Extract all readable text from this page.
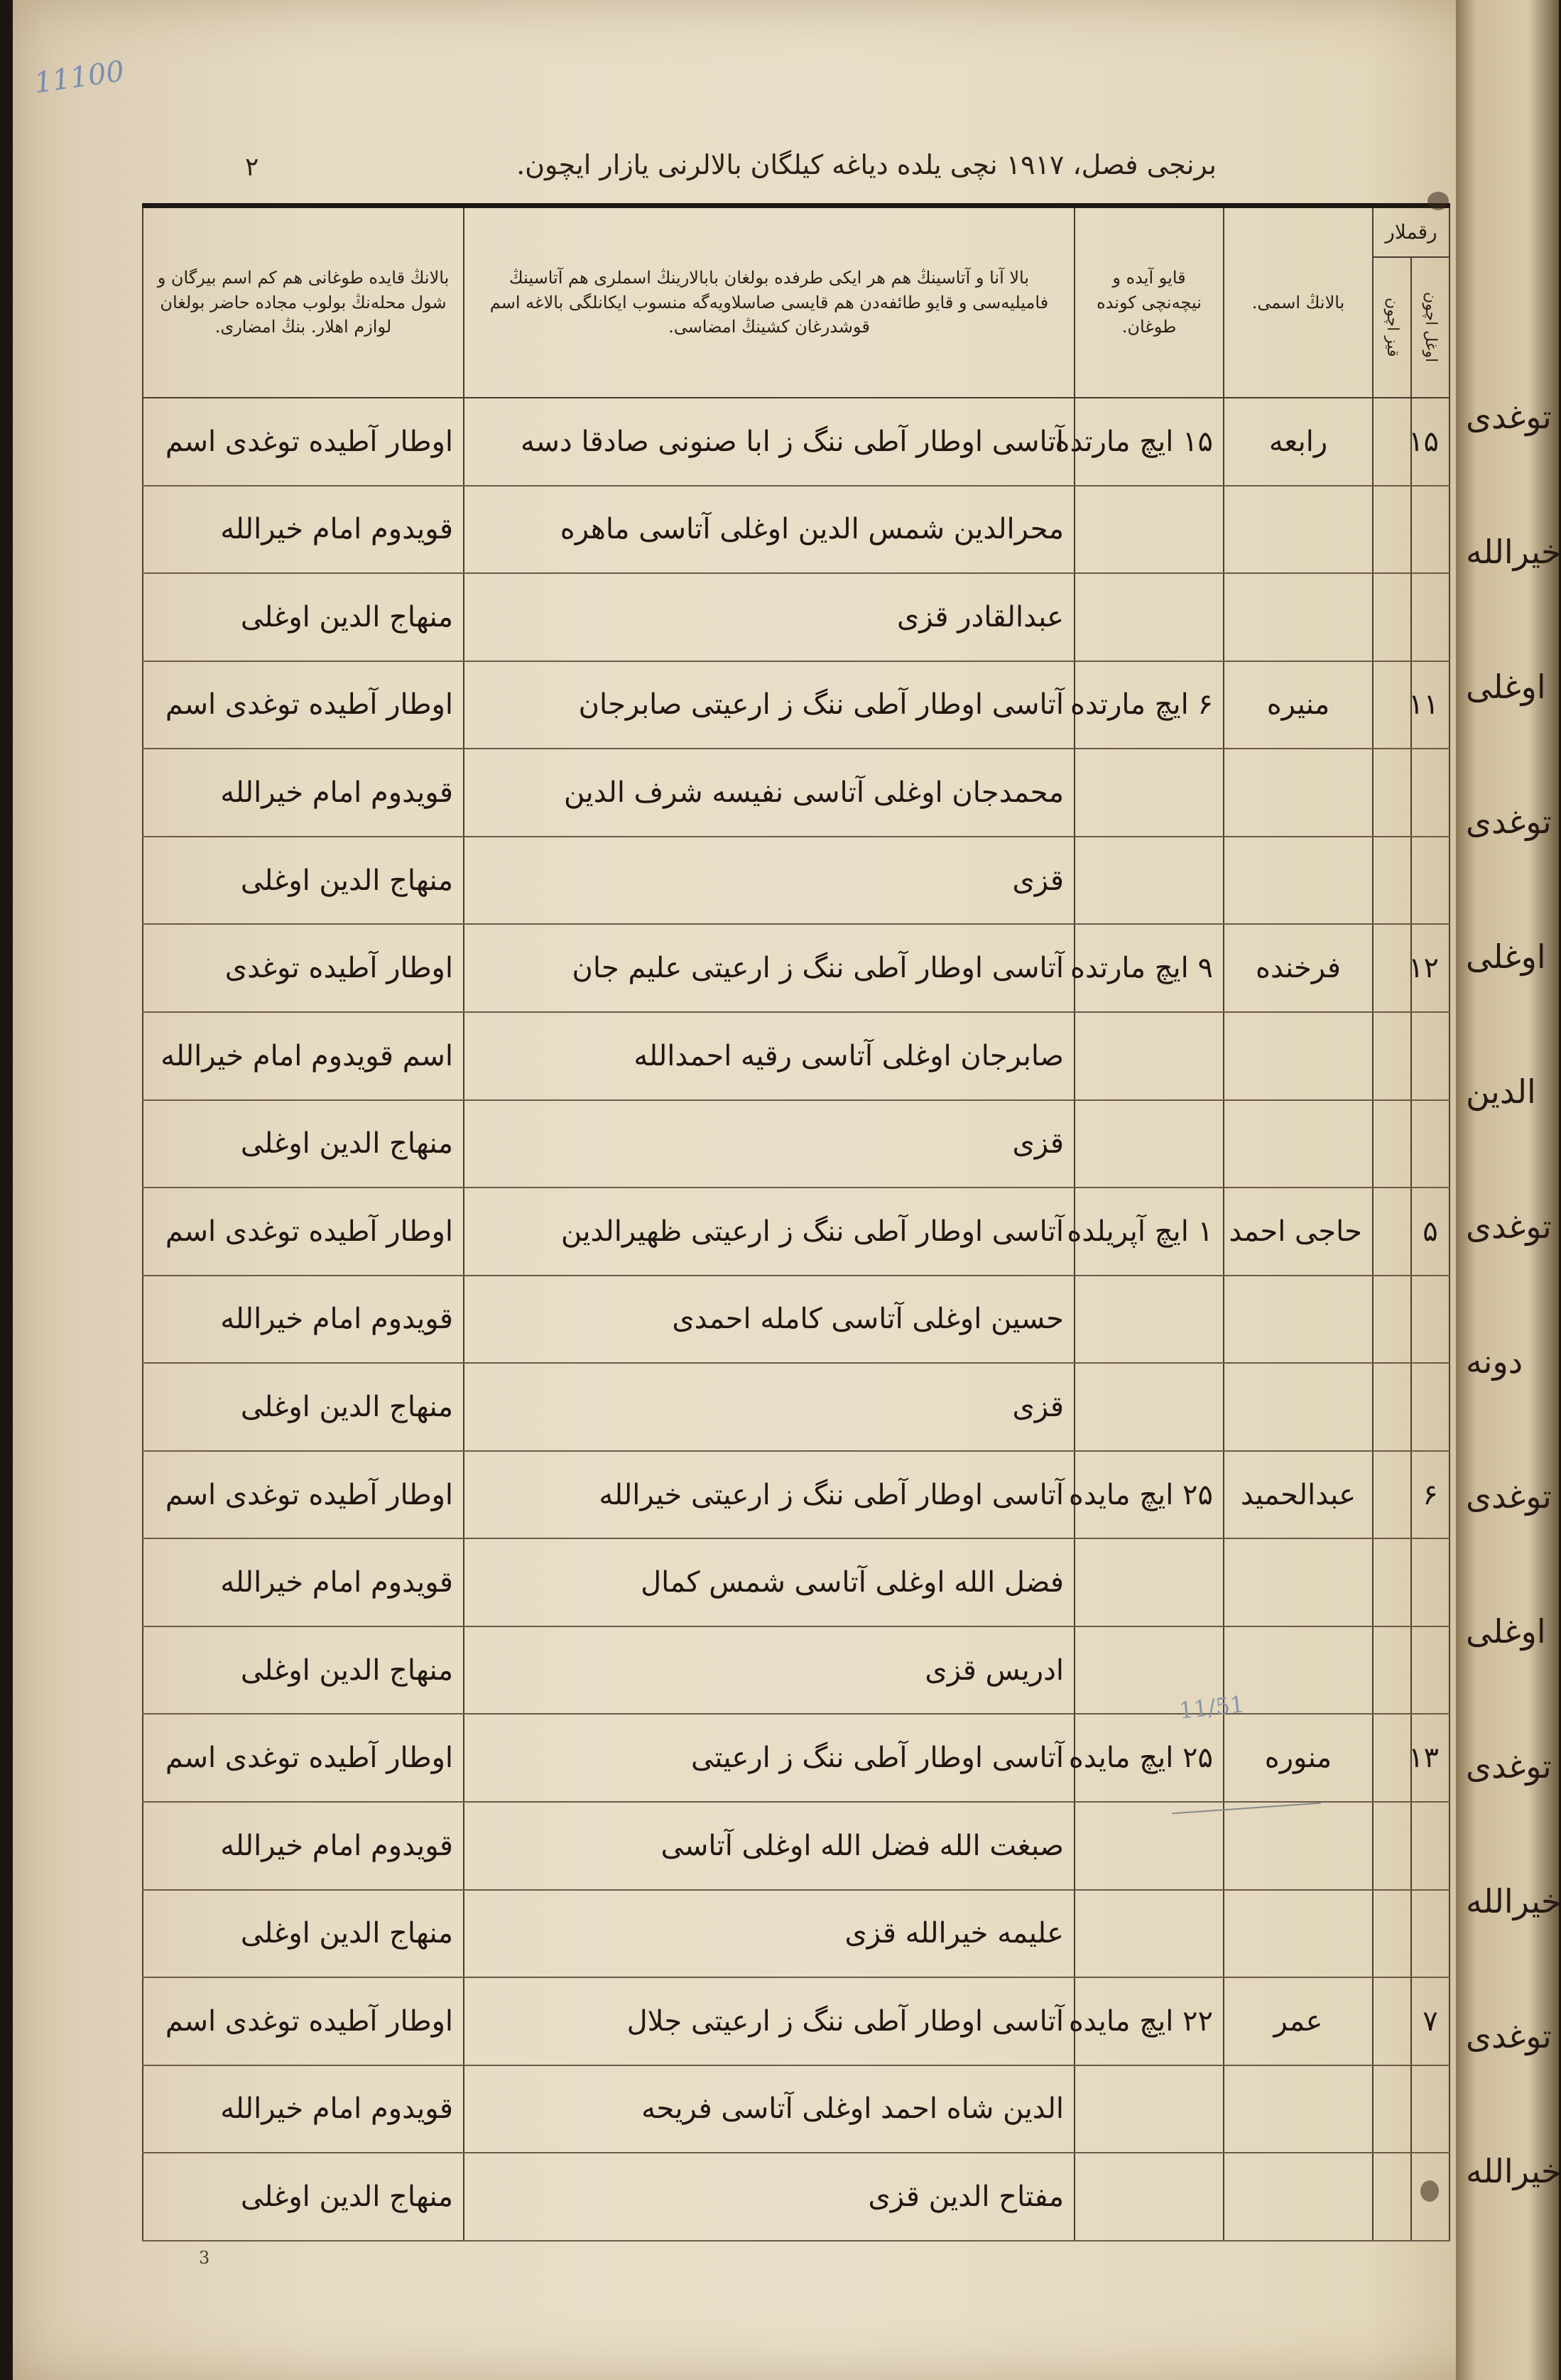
توغدی
خیرالله
اوغلی
توغدی
اوغلی
الدین
توغدی
دونه
توغدی
اوغلی
توغدی
خیرالله
توغدی
خیرالله
11100
برنجی فصل، ۱۹۱۷ نچی یلده دیاغه کیلگان بالالرنی یازار ایچون.
۲
رقملار		بالانڭ اسمی.	قایو آیده و نیچه‌نچی کونده طوغان.	بالا آنا و آتاسینڭ هم هر ایکی طرفده بولغان بابالارینڭ اسملری هم آتاسینڭ فامیلیه‌سی و قایو طائفه‌دن هم قایسی صاسلاویه‌گه منسوب ایکانلگی بالاغه اسم قوشدرغان کشینڭ امضاسی.	بالانڭ قایده طوغانی هم کم اسم بیرگان و شول محله‌نڭ بولوب مجاده حاضر بولغان لوازم اهلار. بنڭ امضاری.
اوغل اچون	قیز اچون				
۱۵		رابعه	۱۵ ایچ مارتده	آتاسی اوطار آطی ننگ ز ابا صنونی صادقا دسه	اوطار آطیده توغدی اسم
				محرالدین شمس الدین اوغلی آتاسی ماهره	قویدوم امام خیرالله
				عبدالقادر قزی	منهاج الدین اوغلی
۱۱		منیره	۶ ایچ مارتده	آتاسی اوطار آطی ننگ ز ارعیتی صابرجان	اوطار آطیده توغدی اسم
				محمدجان اوغلی آتاسی نفیسه شرف الدین	قویدوم امام خیرالله
				قزی	منهاج الدین اوغلی
۱۲		فرخنده	۹ ایچ مارتده	آتاسی اوطار آطی ننگ ز ارعیتی علیم جان	اوطار آطیده توغدی
				صابرجان اوغلی آتاسی رقیه احمدالله	اسم قویدوم امام خیرالله
				قزی	منهاج الدین اوغلی
۵		حاجی احمد	۱ ایچ آپریلده	آتاسی اوطار آطی ننگ ز ارعیتی ظهیرالدین	اوطار آطیده توغدی اسم
				حسین اوغلی آتاسی کامله احمدی	قویدوم امام خیرالله
				قزی	منهاج الدین اوغلی
۶		عبدالحمید	۲۵ ایچ مایده	آتاسی اوطار آطی ننگ ز ارعیتی خیرالله	اوطار آطیده توغدی اسم
				فضل الله اوغلی آتاسی شمس کمال	قویدوم امام خیرالله
				ادریس قزی	منهاج الدین اوغلی
۱۳		منوره	۲۵ ایچ مایده	آتاسی اوطار آطی ننگ ز ارعیتی	اوطار آطیده توغدی اسم
				صبغت الله فضل الله اوغلی آتاسی	قویدوم امام خیرالله
				علیمه خیرالله قزی	منهاج الدین اوغلی
۷		عمر	۲۲ ایچ مایده	آتاسی اوطار آطی ننگ ز ارعیتی جلال	اوطار آطیده توغدی اسم
				الدین شاه احمد اوغلی آتاسی فریحه	قویدوم امام خیرالله
				مفتاح الدین قزی	منهاج الدین اوغلی
11/51
3
